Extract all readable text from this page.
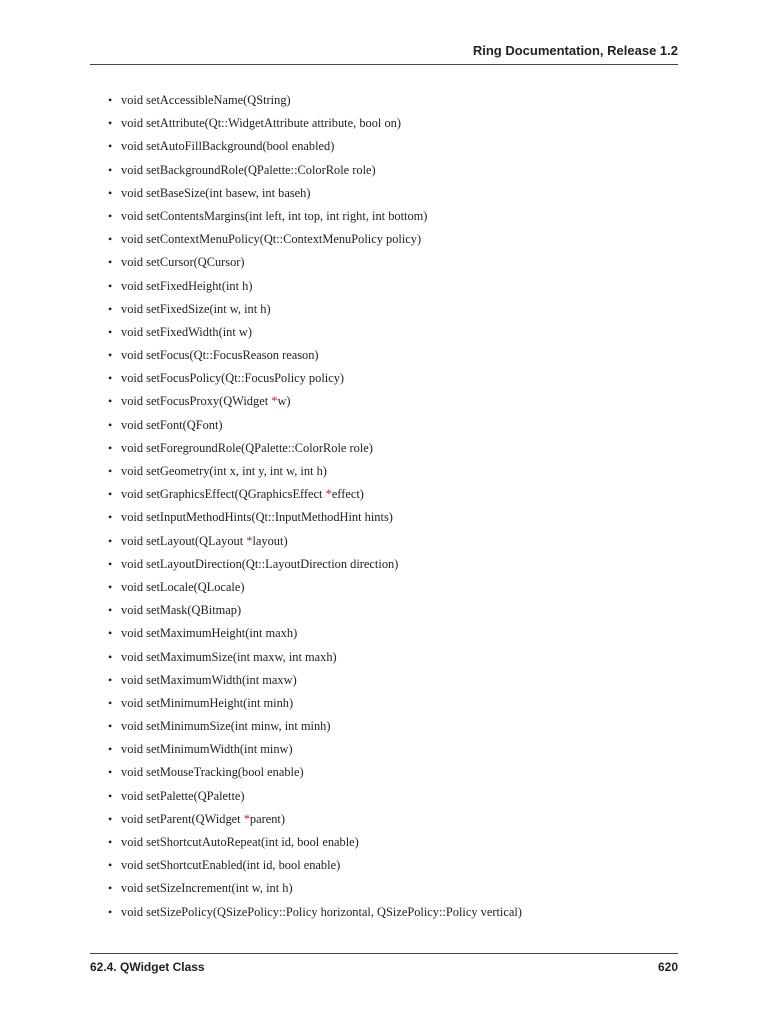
Ring Documentation, Release 1.2
• void setAccessibleName(QString)
• void setAttribute(Qt::WidgetAttribute attribute, bool on)
• void setAutoFillBackground(bool enabled)
• void setBackgroundRole(QPalette::ColorRole role)
• void setBaseSize(int basew, int baseh)
• void setContentsMargins(int left, int top, int right, int bottom)
• void setContextMenuPolicy(Qt::ContextMenuPolicy policy)
• void setCursor(QCursor)
• void setFixedHeight(int h)
• void setFixedSize(int w, int h)
• void setFixedWidth(int w)
• void setFocus(Qt::FocusReason reason)
• void setFocusPolicy(Qt::FocusPolicy policy)
• void setFocusProxy(QWidget *w)
• void setFont(QFont)
• void setForegroundRole(QPalette::ColorRole role)
• void setGeometry(int x, int y, int w, int h)
• void setGraphicsEffect(QGraphicsEffect *effect)
• void setInputMethodHints(Qt::InputMethodHint hints)
• void setLayout(QLayout *layout)
• void setLayoutDirection(Qt::LayoutDirection direction)
• void setLocale(QLocale)
• void setMask(QBitmap)
• void setMaximumHeight(int maxh)
• void setMaximumSize(int maxw, int maxh)
• void setMaximumWidth(int maxw)
• void setMinimumHeight(int minh)
• void setMinimumSize(int minw, int minh)
• void setMinimumWidth(int minw)
• void setMouseTracking(bool enable)
• void setPalette(QPalette)
• void setParent(QWidget *parent)
• void setShortcutAutoRepeat(int id, bool enable)
• void setShortcutEnabled(int id, bool enable)
• void setSizeIncrement(int w, int h)
• void setSizePolicy(QSizePolicy::Policy horizontal, QSizePolicy::Policy vertical)
62.4. QWidget Class	620
